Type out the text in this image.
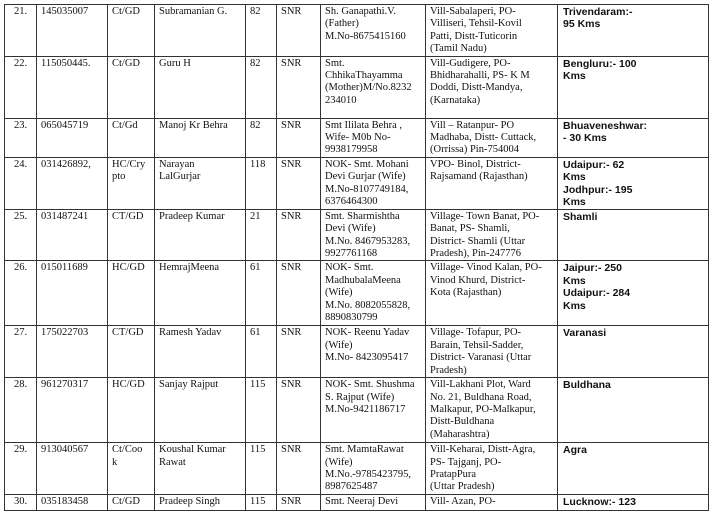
21.	145035007	Ct/GD	Subramanian G.	82	SNR	Sh. Ganapathi.V.
(Father)
M.No-8675415160	Vill-Sabalaperi, PO-
Villiseri, Tehsil-Kovil
Patti, Distt-Tuticorin
(Tamil Nadu)	Trivendaram:-
95 Kms

22.	115050445.	Ct/GD	Guru H	82	SNR	Smt.
ChhikaThayamma
(Mother)M/No.8232
234010	Vill-Gudigere, PO-
Bhidharahalli, PS- K M
Doddi, Distt-Mandya,
(Karnataka)	Bengluru:- 100
Kms

23.	065045719	Ct/Gd	Manoj Kr Behra	82	SNR	Smt Ililata Behra ,
Wife- M0b No-
9938179958	Vill – Ratanpur- PO
Madhaba, Distt- Cuttack,
(Orrissa) Pin-754004	Bhuaveneshwar:
- 30 Kms

24.	031426892,	HC/Cry
pto	Narayan
LalGurjar	118	SNR	NOK- Smt. Mohani
Devi Gurjar (Wife)
M.No-8107749184,
6376464300	VPO- Binol, District-
Rajsamand (Rajasthan)	Udaipur:- 62
Kms
Jodhpur:- 195
Kms

25.	031487241	CT/GD	Pradeep Kumar	21	SNR	Smt. Sharmishtha
Devi (Wife)
M.No. 8467953283,
9927761168	Village- Town Banat, PO-
Banat, PS- Shamli,
District- Shamli (Uttar
Pradesh), Pin-247776	Shamli

26.	015011689	HC/GD	HemrajMeena	61	SNR	NOK- Smt.
MadhubalaMeena
(Wife)
M.No. 8082055828,
8890830799	Village- Vinod Kalan, PO-
Vinod Khurd, District-
Kota (Rajasthan)	Jaipur:- 250
Kms
Udaipur:- 284
Kms

27.	175022703	CT/GD	Ramesh Yadav	61	SNR	NOK- Reenu Yadav
(Wife)
M.No- 8423095417	Village- Tofapur, PO-
Barain, Tehsil-Sadder,
District- Varanasi (Uttar
Pradesh)	Varanasi

28.	961270317	HC/GD	Sanjay Rajput	115	SNR	NOK- Smt. Shushma
S. Rajput (Wife)
M.No-9421186717	Vill-Lakhani Plot, Ward
No. 21, Buldhana Road,
Malkapur, PO-Malkapur,
Distt-Buldhana
(Maharashtra)	Buldhana

29.	913040567	Ct/Coo
k	Koushal Kumar
Rawat	115	SNR	Smt. MamtaRawat
(Wife)
M.No.-9785423795,
8987625487	Vill-Keharai, Distt-Agra,
PS- Tajganj, PO-
PratapPura
(Uttar Pradesh)	Agra

30.	035183458	Ct/GD	Pradeep Singh	115	SNR	Smt. Neeraj Devi	Vill- Azan, PO-	Lucknow:- 123
